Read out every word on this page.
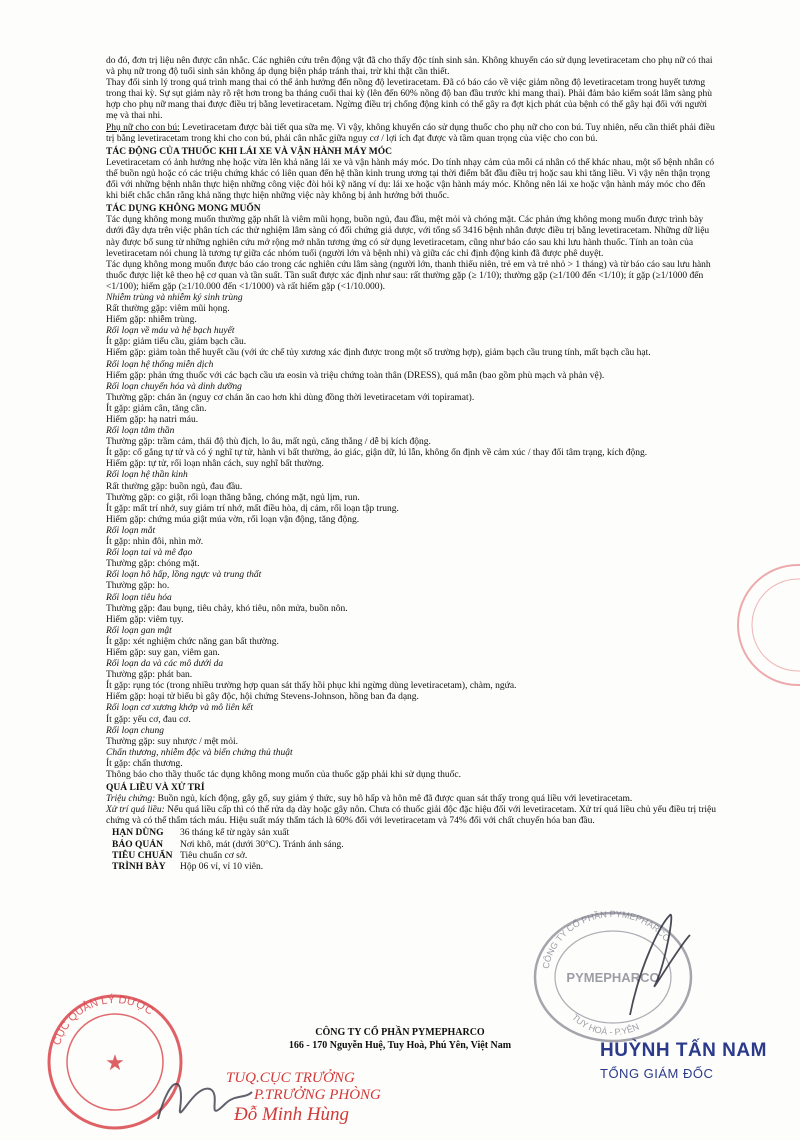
do đó, đơn trị liệu nên được cân nhắc. Các nghiên cứu trên động vật đã cho thấy độc tính sinh sản. Không khuyến cáo sử dụng levetiracetam cho phụ nữ có thai và phụ nữ trong độ tuổi sinh sản không áp dụng biện pháp tránh thai, trừ khi thật cần thiết.

Thay đổi sinh lý trong quá trình mang thai có thể ảnh hưởng đến nồng độ levetiracetam. Đã có báo cáo về việc giảm nồng độ levetiracetam trong huyết tương trong thai kỳ. Sự sụt giảm này rõ rệt hơn trong ba tháng cuối thai kỳ (lên đến 60% nồng độ ban đầu trước khi mang thai). Phải đảm bảo kiểm soát lâm sàng phù hợp cho phụ nữ mang thai được điều trị bằng levetiracetam. Ngừng điều trị chống động kinh có thể gây ra đợt kịch phát của bệnh có thể gây hại đối với người mẹ và thai nhi.

Phụ nữ cho con bú: Levetiracetam được bài tiết qua sữa mẹ. Vì vậy, không khuyến cáo sử dụng thuốc cho phụ nữ cho con bú. Tuy nhiên, nếu cần thiết phải điều trị bằng levetiracetam trong khi cho con bú, phải cân nhắc giữa nguy cơ / lợi ích đạt được và tầm quan trọng của việc cho con bú.

TÁC ĐỘNG CỦA THUỐC KHI LÁI XE VÀ VẬN HÀNH MÁY MÓC

Levetiracetam có ảnh hưởng nhẹ hoặc vừa lên khả năng lái xe và vận hành máy móc. Do tính nhạy cảm của mỗi cá nhân có thể khác nhau, một số bệnh nhân có thể buồn ngủ hoặc có các triệu chứng khác có liên quan đến hệ thần kinh trung ương tại thời điểm bắt đầu điều trị hoặc sau khi tăng liều. Vì vậy nên thận trọng đối với những bệnh nhân thực hiện những công việc đòi hỏi kỹ năng ví dụ: lái xe hoặc vận hành máy móc. Không nên lái xe hoặc vận hành máy móc cho đến khi biết chắc chắn rằng khả năng thực hiện những việc này không bị ảnh hưởng bởi thuốc.

TÁC DỤNG KHÔNG MONG MUỐN

Tác dụng không mong muốn thường gặp nhất là viêm mũi họng, buồn ngủ, đau đầu, mệt mỏi và chóng mặt. Các phản ứng không mong muốn được trình bày dưới đây dựa trên việc phân tích các thử nghiệm lâm sàng có đối chứng giả dược, với tổng số 3416 bệnh nhân được điều trị bằng levetiracetam. Những dữ liệu này được bổ sung từ những nghiên cứu mở rộng mở nhãn tương ứng có sử dụng levetiracetam, cũng như báo cáo sau khi lưu hành thuốc. Tính an toàn của levetiracetam nói chung là tương tự giữa các nhóm tuổi (người lớn và bệnh nhi) và giữa các chỉ định động kinh đã được phê duyệt.

Tác dụng không mong muốn được báo cáo trong các nghiên cứu lâm sàng (người lớn, thanh thiếu niên, trẻ em và trẻ nhỏ > 1 tháng) và từ báo cáo sau lưu hành thuốc được liệt kê theo hệ cơ quan và tần suất. Tần suất được xác định như sau: rất thường gặp (≥ 1/10); thường gặp (≥1/100 đến <1/10); ít gặp (≥1/1000 đến <1/100); hiếm gặp (≥1/10.000 đến <1/1000) và rất hiếm gặp (<1/10.000).

Nhiễm trùng và nhiễm ký sinh trùng

Rất thường gặp: viêm mũi họng.

Hiếm gặp: nhiễm trùng.

Rối loạn về máu và hệ bạch huyết

Ít gặp: giảm tiểu cầu, giảm bạch cầu.

Hiếm gặp: giảm toàn thể huyết cầu (với ức chế tủy xương xác định được trong một số trường hợp), giảm bạch cầu trung tính, mất bạch cầu hạt.

Rối loạn hệ thống miễn dịch

Hiếm gặp: phản ứng thuốc với các bạch cầu ưa eosin và triệu chứng toàn thân (DRESS), quá mẫn (bao gồm phù mạch và phản vệ).

Rối loạn chuyển hóa và dinh dưỡng

Thường gặp: chán ăn (nguy cơ chán ăn cao hơn khi dùng đồng thời levetiracetam với topiramat).

Ít gặp: giảm cân, tăng cân.

Hiếm gặp: hạ natri máu.

Rối loạn tâm thần

Thường gặp: trầm cảm, thái độ thù địch, lo âu, mất ngủ, căng thẳng / dễ bị kích động.

Ít gặp: cố gắng tự tử và có ý nghĩ tự tử, hành vi bất thường, ảo giác, giận dữ, lú lẫn, không ổn định về cảm xúc / thay đổi tâm trạng, kích động.

Hiếm gặp: tự tử, rối loạn nhân cách, suy nghĩ bất thường.

Rối loạn hệ thần kinh

Rất thường gặp: buồn ngủ, đau đầu.

Thường gặp: co giật, rối loạn thăng bằng, chóng mặt, ngủ lịm, run.

Ít gặp: mất trí nhớ, suy giảm trí nhớ, mất điều hòa, dị cảm, rối loạn tập trung.

Hiếm gặp: chứng múa giật múa vờn, rối loạn vận động, tăng động.

Rối loạn mắt

Ít gặp: nhìn đôi, nhìn mờ.

Rối loạn tai và mê đạo

Thường gặp: chóng mặt.

Rối loạn hô hấp, lồng ngực và trung thất

Thường gặp: ho.

Rối loạn tiêu hóa

Thường gặp: đau bụng, tiêu chảy, khó tiêu, nôn mửa, buồn nôn.

Hiếm gặp: viêm tụy.

Rối loạn gan mật

Ít gặp: xét nghiệm chức năng gan bất thường.

Hiếm gặp: suy gan, viêm gan.

Rối loạn da và các mô dưới da

Thường gặp: phát ban.

Ít gặp: rụng tóc (trong nhiều trường hợp quan sát thấy hồi phục khi ngừng dùng levetiracetam), chàm, ngứa.

Hiếm gặp: hoại tử biểu bì gây độc, hội chứng Stevens-Johnson, hồng ban đa dạng.

Rối loạn cơ xương khớp và mô liên kết

Ít gặp: yếu cơ, đau cơ.

Rối loạn chung

Thường gặp: suy nhược / mệt mỏi.

Chấn thương, nhiễm độc và biến chứng thủ thuật

Ít gặp: chấn thương.

Thông báo cho thầy thuốc tác dụng không mong muốn của thuốc gặp phải khi sử dụng thuốc.

QUÁ LIỀU VÀ XỬ TRÍ

Triệu chứng: Buồn ngủ, kích động, gây gổ, suy giảm ý thức, suy hô hấp và hôn mê đã được quan sát thấy trong quá liều với levetiracetam.

Xử trí quá liều: Nếu quá liều cấp thì có thể rửa dạ dày hoặc gây nôn. Chưa có thuốc giải độc đặc hiệu đối với levetiracetam. Xử trí quá liều chủ yếu điều trị triệu chứng và có thể thẩm tách máu. Hiệu suất máy thẩm tách là 60% đối với levetiracetam và 74% đối với chất chuyển hóa ban đầu.

HẠN DÙNG	36 tháng kể từ ngày sản xuất
BẢO QUẢN	Nơi khô, mát (dưới 30°C). Tránh ánh sáng.
TIÊU CHUẨN Tiêu chuẩn cơ sở.
TRÌNH BÀY	Hộp 06 vỉ, vỉ 10 viên.
CÔNG TY CỔ PHẦN PYMEPHARCO
166 - 170 Nguyễn Huệ, Tuy Hoà, Phú Yên, Việt Nam	HUỲNH TẤN NAM
TỔNG GIÁM ĐỐC
TUQ.CỤC TRƯỞNG
P.TRƯỞNG PHÒNG
Đỗ Minh Hùng
CỤC QUẢN LÝ DƯỢC
★
CÔNG TY CỔ PHẦN PYMEPHARCO
PYMEPHARCO
TUY HOÀ - P.YÊN
